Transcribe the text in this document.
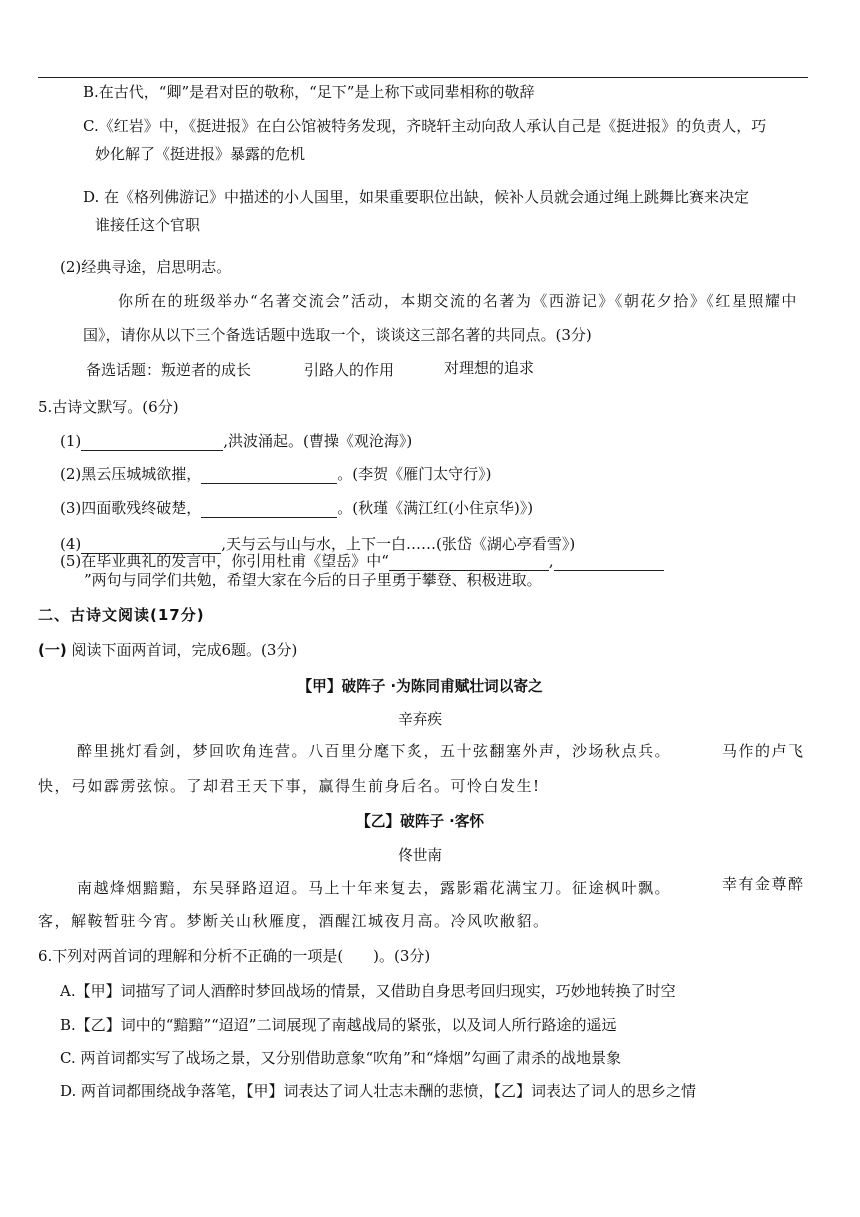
B.在古代，“卿”是君对臣的敬称，“足下”是上称下或同辈相称的敬辞
C.《红岩》中，《挺进报》在白公馆被特务发现，齐晓轩主动向敌人承认自己是《挺进报》的负责人，巧
妙化解了《挺进报》暴露的危机
D. 在《格列佛游记》中描述的小人国里，如果重要职位出缺，候补人员就会通过绳上跳舞比赛来决定
谁接任这个官职
(2)经典寻途，启思明志。
你所在的班级举办“名著交流会”活动，本期交流的名著为《西游记》《朝花夕拾》《红星照耀中
国》，请你从以下三个备选话题中选取一个，谈谈这三部名著的共同点。(3分)
备选话题：叛逆者的成长	引路人的作用	对理想的追求
5.古诗文默写。(6分)
(1)	,洪波涌起。(曹操《观沧海》)
(2)黑云压城城欲摧，	。(李贺《雁门太守行》)
(3)四面歌残终破楚，	。(秋瑾《满江红(小住京华)》)
(4)	,天与云与山与水，上下一白……(张岱《湖心亭看雪》)
(5)在毕业典礼的发言中，你引用杜甫《望岳》中“	,
”两句与同学们共勉，希望大家在今后的日子里勇于攀登、积极进取。
二、古诗文阅读(17分)
(一) 阅读下面两首词，完成6题。(3分)
【甲】破阵子 ·为陈同甫赋壮词以寄之
辛弃疾
醉里挑灯看剑，梦回吹角连营。八百里分麾下炙，五十弦翻塞外声，沙场秋点兵。	马作的卢飞
快，弓如霹雳弦惊。了却君王天下事，赢得生前身后名。可怜白发生!
【乙】破阵子 ·客怀
佟世南
南越烽烟黯黯，东吴驿路迢迢。马上十年来复去，露影霜花满宝刀。征途枫叶飘。	幸有金尊醉
客，解鞍暂驻今宵。梦断关山秋雁度，酒醒江城夜月高。冷风吹敝貂。
6.下列对两首词的理解和分析不正确的一项是(　　)。(3分)
A.【甲】词描写了词人酒醉时梦回战场的情景，又借助自身思考回归现实，巧妙地转换了时空
B.【乙】词中的“黯黯”“迢迢”二词展现了南越战局的紧张，以及词人所行路途的遥远
C. 两首词都实写了战场之景，又分别借助意象“吹角”和“烽烟”勾画了肃杀的战地景象
D. 两首词都围绕战争落笔，【甲】词表达了词人壮志未酬的悲愤，【乙】词表达了词人的思乡之情
